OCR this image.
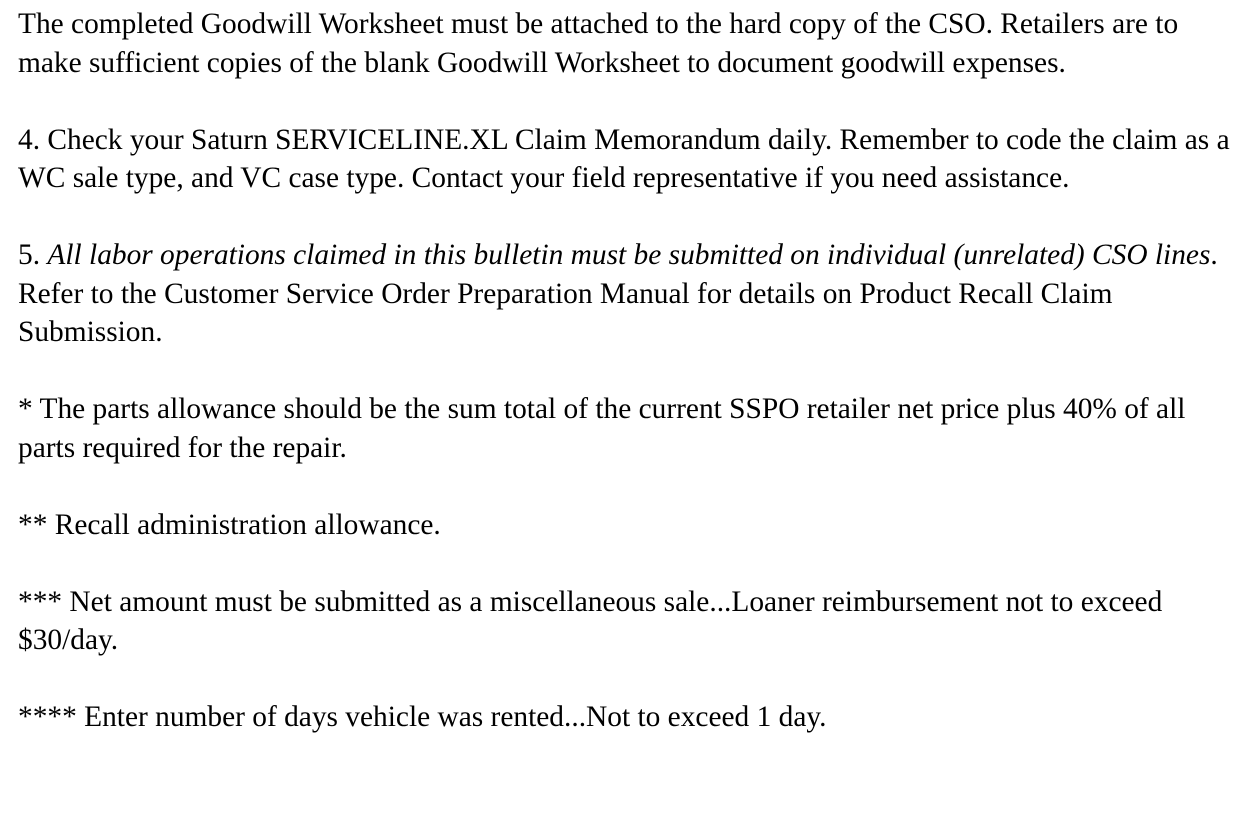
The completed Goodwill Worksheet must be attached to the hard copy of the CSO. Retailers are to make sufficient copies of the blank Goodwill Worksheet to document goodwill expenses.

4. Check your Saturn SERVICELINE.XL Claim Memorandum daily. Remember to code the claim as a WC sale type, and VC case type. Contact your field representative if you need assistance.

5. All labor operations claimed in this bulletin must be submitted on individual (unrelated) CSO lines. Refer to the Customer Service Order Preparation Manual for details on Product Recall Claim Submission.

* The parts allowance should be the sum total of the current SSPO retailer net price plus 40% of all parts required for the repair.

** Recall administration allowance.

*** Net amount must be submitted as a miscellaneous sale...Loaner reimbursement not to exceed $30/day.

**** Enter number of days vehicle was rented...Not to exceed 1 day.
